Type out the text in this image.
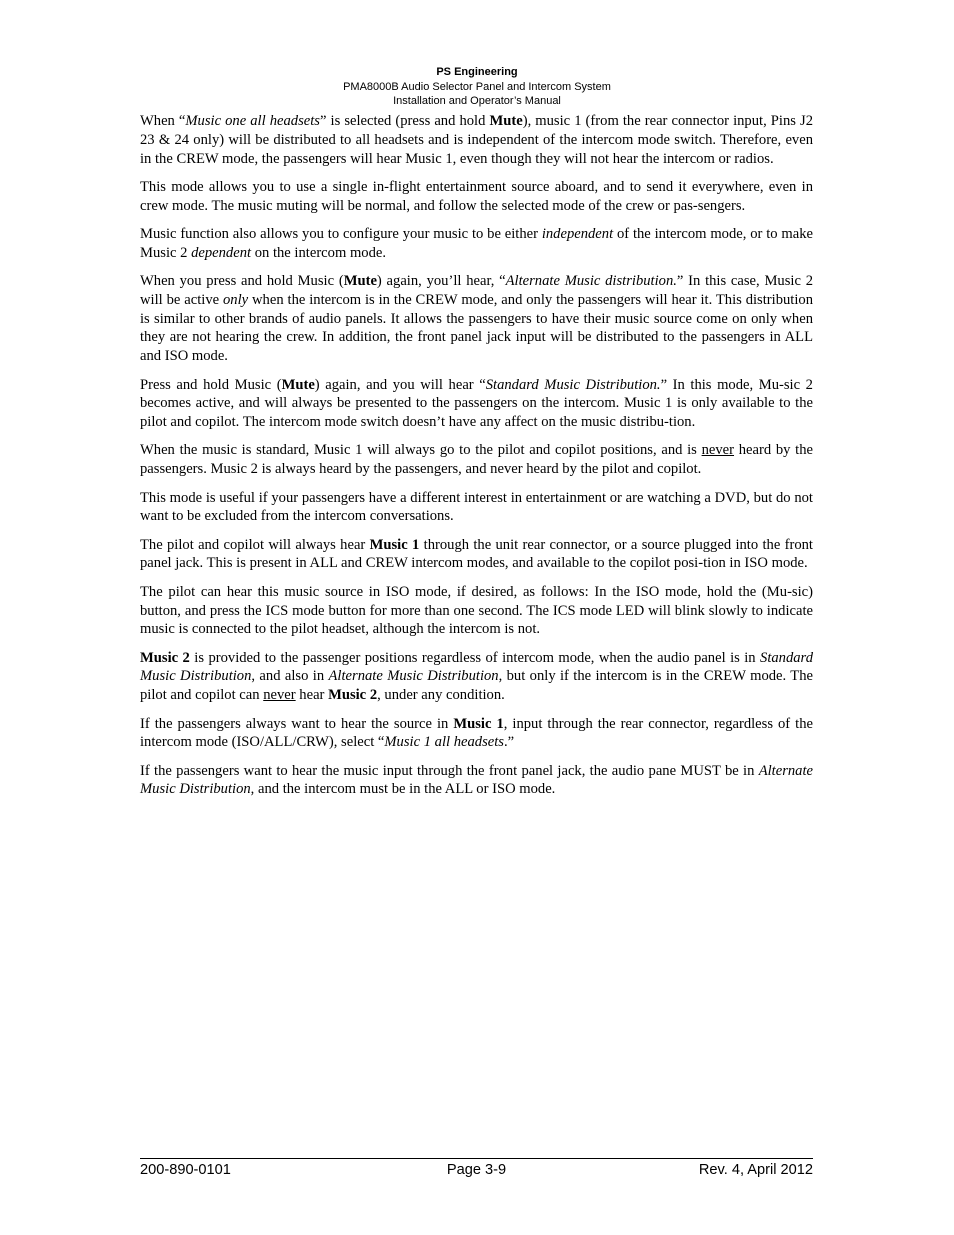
PS Engineering
PMA8000B Audio Selector Panel and Intercom System
Installation and Operator’s Manual

When “Music one all headsets” is selected (press and hold Mute), music 1 (from the rear connector input, Pins J2 23 & 24 only) will be distributed to all headsets and is independent of the intercom mode switch. Therefore, even in the CREW mode, the passengers will hear Music 1, even though they will not hear the intercom or radios.

This mode allows you to use a single in-flight entertainment source aboard, and to send it everywhere, even in crew mode. The music muting will be normal, and follow the selected mode of the crew or pas-sengers.

Music function also allows you to configure your music to be either independent of the intercom mode, or to make Music 2 dependent on the intercom mode.

When you press and hold Music (Mute) again, you’ll hear, “Alternate Music distribution.” In this case, Music 2 will be active only when the intercom is in the CREW mode, and only the passengers will hear it. This distribution is similar to other brands of audio panels. It allows the passengers to have their music source come on only when they are not hearing the crew. In addition, the front panel jack input will be distributed to the passengers in ALL and ISO mode.

Press and hold Music (Mute) again, and you will hear “Standard Music Distribution.” In this mode, Mu-sic 2 becomes active, and will always be presented to the passengers on the intercom. Music 1 is only available to the pilot and copilot. The intercom mode switch doesn’t have any affect on the music distribu-tion.

When the music is standard, Music 1 will always go to the pilot and copilot positions, and is never heard by the passengers. Music 2 is always heard by the passengers, and never heard by the pilot and copilot.

This mode is useful if your passengers have a different interest in entertainment or are watching a DVD, but do not want to be excluded from the intercom conversations.

The pilot and copilot will always hear Music 1 through the unit rear connector, or a source plugged into the front panel jack. This is present in ALL and CREW intercom modes, and available to the copilot posi-tion in ISO mode.

The pilot can hear this music source in ISO mode, if desired, as follows: In the ISO mode, hold the (Mu-sic) button, and press the ICS mode button for more than one second. The ICS mode LED will blink slowly to indicate music is connected to the pilot headset, although the intercom is not.

Music 2 is provided to the passenger positions regardless of intercom mode, when the audio panel is in Standard Music Distribution, and also in Alternate Music Distribution, but only if the intercom is in the CREW mode. The pilot and copilot can never hear Music 2, under any condition.

If the passengers always want to hear the source in Music 1, input through the rear connector, regardless of the intercom mode (ISO/ALL/CRW), select “Music 1 all headsets.”

If the passengers want to hear the music input through the front panel jack, the audio pane MUST be in Alternate Music Distribution, and the intercom must be in the ALL or ISO mode.

200-890-0101	Page 3-9	Rev. 4, April 2012
